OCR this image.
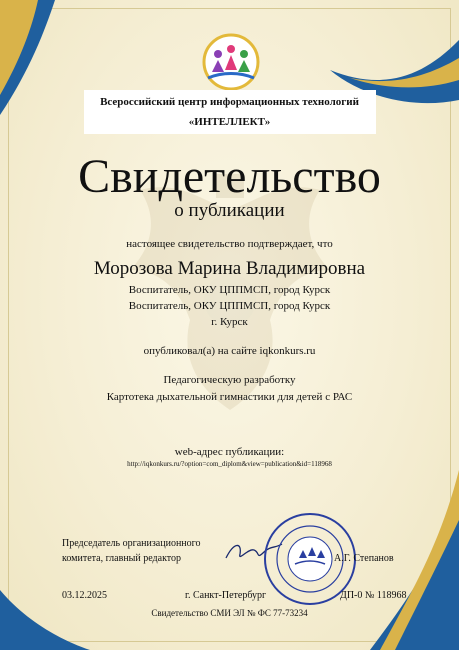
Всероссийский центр информационных технологий
«ИНТЕЛЛЕКТ»
Свидетельство
о публикации
настоящее свидетельство подтверждает, что
Морозова Марина Владимировна
Воспитатель, ОКУ ЦППМСП, город Курск
Воспитатель, ОКУ ЦППМСП, город Курск
г. Курск
опубликовал(а) на сайте iqkonkurs.ru
Педагогическую разработку
Картотека дыхательной гимнастики для детей с РАС
web-адрес публикации:
http://iqkonkurs.ru/?option=com_diplom&view=publication&id=118968
Председатель организационного
комитета, главный редактор	А.Г. Степанов
03.12.2025	г. Санкт-Петербург	ДП-0 № 118968
Свидетельство СМИ ЭЛ № ФС 77-73234
